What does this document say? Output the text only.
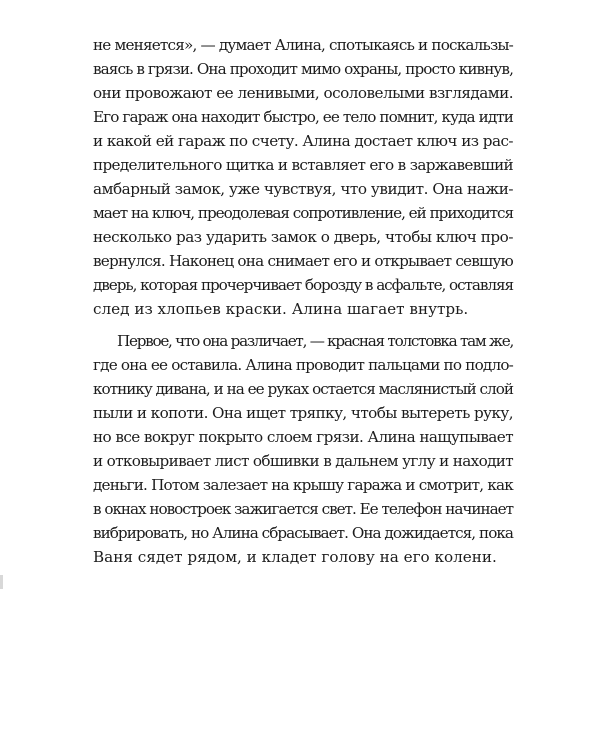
не меняется», — думает Алина, спотыкаясь и поскальзы-
ваясь в грязи. Она проходит мимо охраны, просто кивнув,
они провожают ее ленивыми, осоловелыми взглядами.
Его гараж она находит быстро, ее тело помнит, куда идти
и какой ей гараж по счету. Алина достает ключ из рас-
пределительного щитка и вставляет его в заржавевший
амбарный замок, уже чувствуя, что увидит. Она нажи-
мает на ключ, преодолевая сопротивление, ей приходится
несколько раз ударить замок о дверь, чтобы ключ про-
вернулся. Наконец она снимает его и открывает севшую
дверь, которая прочерчивает борозду в асфальте, оставляя
след из хлопьев краски. Алина шагает внутрь.
Первое, что она различает, — красная толстовка там же,
где она ее оставила. Алина проводит пальцами по подло-
котнику дивана, и на ее руках остается маслянистый слой
пыли и копоти. Она ищет тряпку, чтобы вытереть руку,
но все вокруг покрыто слоем грязи. Алина нащупывает
и отковыривает лист обшивки в дальнем углу и находит
деньги. Потом залезает на крышу гаража и смотрит, как
в окнах новостроек зажигается свет. Ее телефон начинает
вибрировать, но Алина сбрасывает. Она дожидается, пока
Ваня сядет рядом, и кладет голову на его колени.
